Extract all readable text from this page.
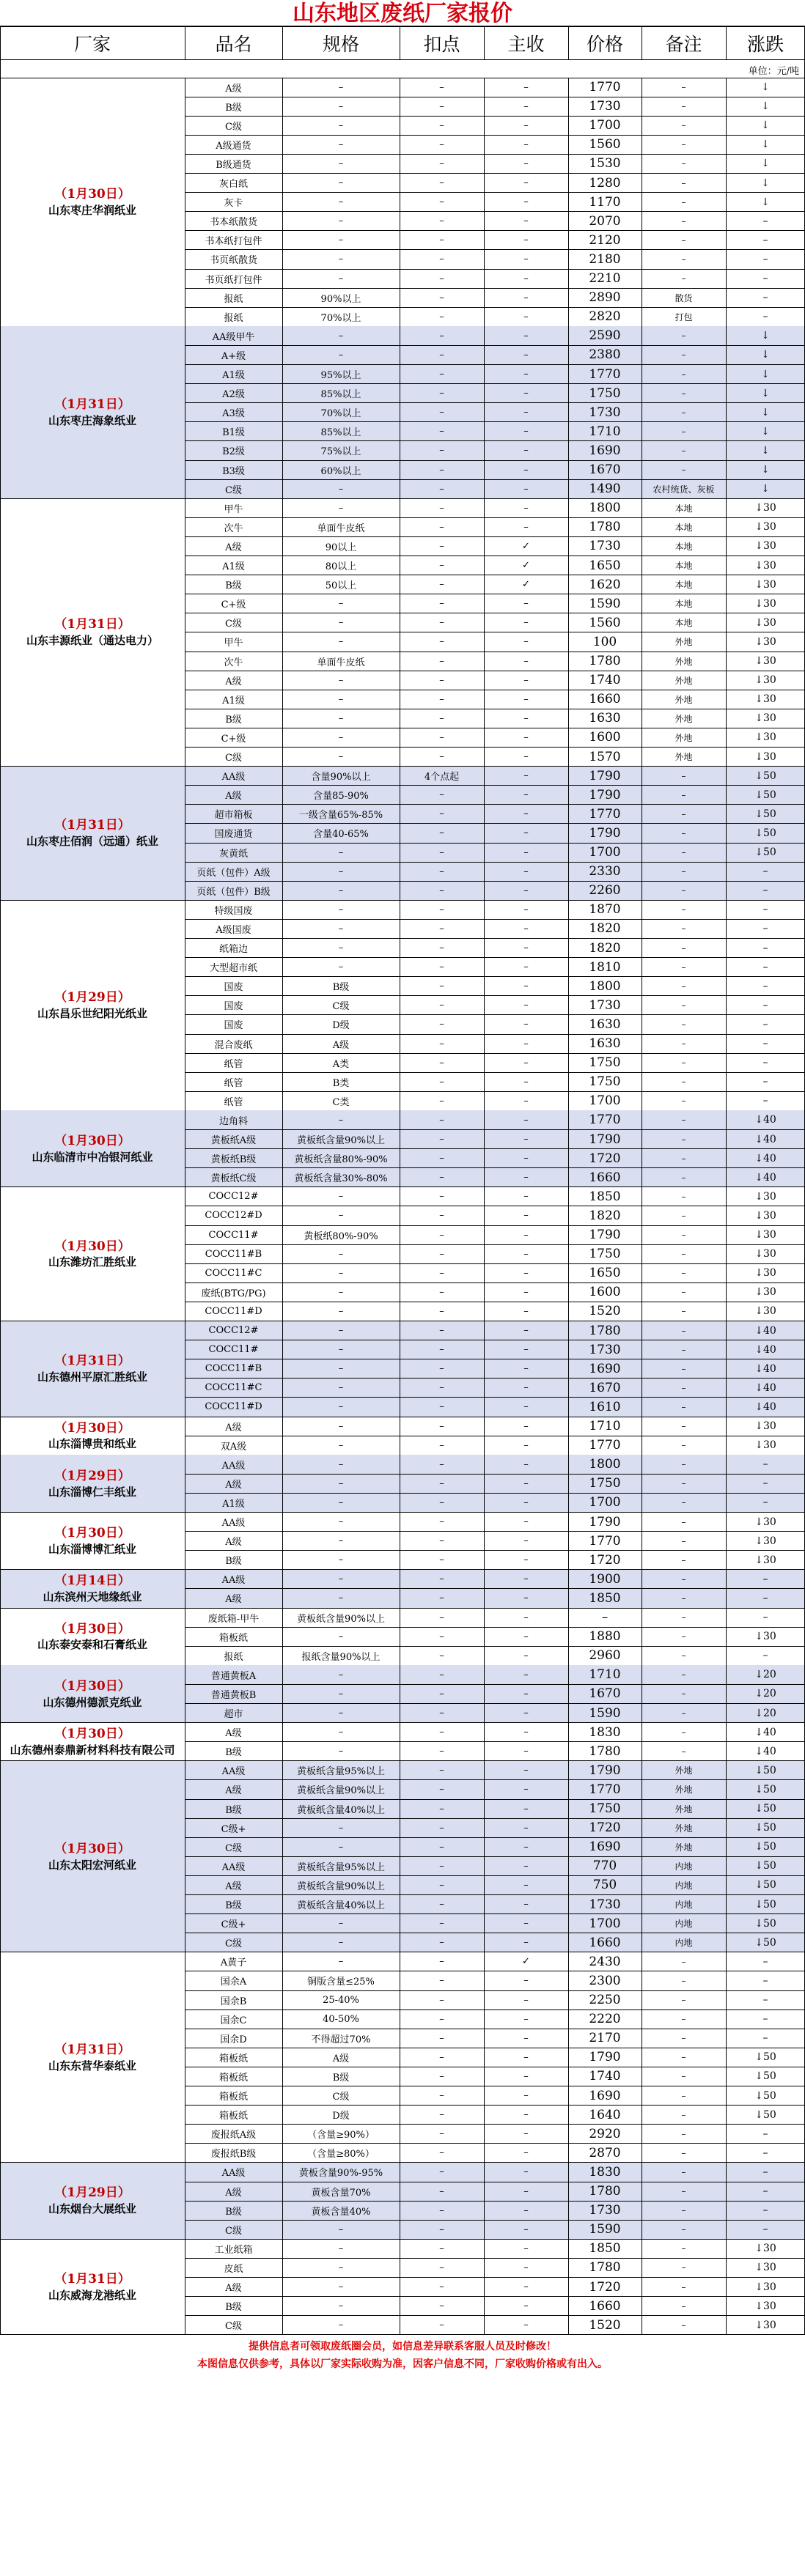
山东地区废纸厂家报价
厂家	品名	规格	扣点	主收	价格	备注	涨跌
（1月30日）
山东枣庄华润纸业
A级	–	–	–	1770	–	↓
B级	–	–	–	1730	–	↓
C级	–	–	–	1700	–	↓
A级通货	–	–	–	1560	–	↓
B级通货	–	–	–	1530	–	↓
灰白纸	–	–	–	1280	–	↓
灰卡	–	–	–	1170	–	↓
书本纸散货	–	–	–	2070	–	–
书本纸打包件	–	–	–	2120	–	–
书页纸散货	–	–	–	2180	–	–
书页纸打包件	–	–	–	2210	–	–
报纸	90%以上	–	–	2890	散货	–
报纸	70%以上	–	–	2820	打包	–
（1月31日）
山东枣庄海象纸业
AA级甲牛	–	–	–	2590	–	↓
A+级	–	–	–	2380	–	↓
A1级	95%以上	–	–	1770	–	↓
A2级	85%以上	–	–	1750	–	↓
A3级	70%以上	–	–	1730	–	↓
B1级	85%以上	–	–	1710	–	↓
B2级	75%以上	–	–	1690	–	↓
B3级	60%以上	–	–	1670	–	↓
C级	–	–	–	1490	农村统货、灰板	↓
（1月31日）
山东丰源纸业（通达电力）
甲牛	–	–	–	1800	本地	↓30
次牛	单面牛皮纸	–	–	1780	本地	↓30
A级	90以上	–	✓	1730	本地	↓30
A1级	80以上	–	✓	1650	本地	↓30
B级	50以上	–	✓	1620	本地	↓30
C+级	–	–	–	1590	本地	↓30
C级	–	–	–	1560	本地	↓30
甲牛	–	–	–	100	外地	↓30
次牛	单面牛皮纸	–	–	1780	外地	↓30
A级	–	–	–	1740	外地	↓30
A1级	–	–	–	1660	外地	↓30
B级	–	–	–	1630	外地	↓30
C+级	–	–	–	1600	外地	↓30
C级	–	–	–	1570	外地	↓30
（1月31日）
山东枣庄佰润（远通）纸业
AA级	含量90%以上	4个点起	–	1790	–	↓50
A级	含量85-90%	–	–	1790	–	↓50
超市箱板	一级含量65%-85%	–	–	1770	–	↓50
国废通货	含量40-65%	–	–	1790	–	↓50
灰黄纸	–	–	–	1700	–	↓50
页纸（包件）A级	–	–	–	2330	–	–
页纸（包件）B级	–	–	–	2260	–	–
（1月29日）
山东昌乐世纪阳光纸业
特级国废	–	–	–	1870	–	–
A级国废	–	–	–	1820	–	–
纸箱边	–	–	–	1820	–	–
大型超市纸	–	–	–	1810	–	–
国废	B级	–	–	1800	–	–
国废	C级	–	–	1730	–	–
国废	D级	–	–	1630	–	–
混合废纸	A级	–	–	1630	–	–
纸管	A类	–	–	1750	–	–
纸管	B类	–	–	1750	–	–
纸管	C类	–	–	1700	–	–
（1月30日）
山东临清市中冶银河纸业
边角料	–	–	–	1770	–	↓40
黄板纸A级	黄板纸含量90%以上	–	–	1790	–	↓40
黄板纸B级	黄板纸含量80%-90%	–	–	1720	–	↓40
黄板纸C级	黄板纸含量30%-80%	–	–	1660	–	↓40
（1月30日）
山东潍坊汇胜纸业
COCC12#	–	–	–	1850	–	↓30
COCC12#D	–	–	–	1820	–	↓30
COCC11#	黄板纸80%-90%	–	–	1790	–	↓30
COCC11#B	–	–	–	1750	–	↓30
COCC11#C	–	–	–	1650	–	↓30
废纸(BTG/PG)	–	–	–	1600	–	↓30
COCC11#D	–	–	–	1520	–	↓30
（1月31日）
山东德州平原汇胜纸业
COCC12#	–	–	–	1780	–	↓40
COCC11#	–	–	–	1730	–	↓40
COCC11#B	–	–	–	1690	–	↓40
COCC11#C	–	–	–	1670	–	↓40
COCC11#D	–	–	–	1610	–	↓40
（1月30日）
山东淄博贵和纸业
A级	–	–	–	1710	–	↓30
双A级	–	–	–	1770	–	↓30
（1月29日）
山东淄博仁丰纸业
AA级	–	–	–	1800	–	–
A级	–	–	–	1750	–	–
A1级	–	–	–	1700	–	–
（1月30日）
山东淄博博汇纸业
AA级	–	–	–	1790	–	↓30
A级	–	–	–	1770	–	↓30
B级	–	–	–	1720	–	↓30
（1月14日）
山东滨州天地缘纸业
AA级	–	–	–	1900	–	–
A级	–	–	–	1850	–	–
（1月30日）
山东泰安泰和石膏纸业
废纸箱-甲牛	黄板纸含量90%以上	–	–	–	–	–
箱板纸	–	–	–	1880	–	↓30
报纸	报纸含量90%以上	–	–	2960	–	–
（1月30日）
山东德州德派克纸业
普通黄板A	–	–	–	1710	–	↓20
普通黄板B	–	–	–	1670	–	↓20
超市	–	–	–	1590	–	↓20
（1月30日）
山东德州泰鼎新材料科技有限公司
A级	–	–	–	1830	–	↓40
B级	–	–	–	1780	–	↓40
（1月30日）
山东太阳宏河纸业
AA级	黄板纸含量95%以上	–	–	1790	外地	↓50
A级	黄板纸含量90%以上	–	–	1770	外地	↓50
B级	黄板纸含量40%以上	–	–	1750	外地	↓50
C级+	–	–	–	1720	外地	↓50
C级	–	–	–	1690	外地	↓50
AA级	黄板纸含量95%以上	–	–	770	内地	↓50
A级	黄板纸含量90%以上	–	–	750	内地	↓50
B级	黄板纸含量40%以上	–	–	1730	内地	↓50
C级+	–	–	–	1700	内地	↓50
C级	–	–	–	1660	内地	↓50
（1月31日）
山东东营华泰纸业
A黄子	–	–	✓	2430	–	–
国余A	铜版含量≤25%	–	–	2300	–	–
国余B	25-40%	–	–	2250	–	–
国余C	40-50%	–	–	2220	–	–
国余D	不得超过70%	–	–	2170	–	–
箱板纸	A级	–	–	1790	–	↓50
箱板纸	B级	–	–	1740	–	↓50
箱板纸	C级	–	–	1690	–	↓50
箱板纸	D级	–	–	1640	–	↓50
废报纸A级	（含量≥90%）	–	–	2920	–	–
废报纸B级	（含量≥80%）	–	–	2870	–	–
（1月29日）
山东烟台大展纸业
AA级	黄板含量90%-95%	–	–	1830	–	–
A级	黄板含量70%	–	–	1780	–	–
B级	黄板含量40%	–	–	1730	–	–
C级	–	–	–	1590	–	–
（1月31日）
山东威海龙港纸业
工业纸箱	–	–	–	1850	–	↓30
皮纸	–	–	–	1780	–	↓30
A级	–	–	–	1720	–	↓30
B级	–	–	–	1660	–	↓30
C级	–	–	–	1520	–	↓30
单位：元/吨
提供信息者可领取废纸圈会员，如信息差异联系客服人员及时修改！
本图信息仅供参考，具体以厂家实际收购为准，因客户信息不同，厂家收购价格或有出入。
